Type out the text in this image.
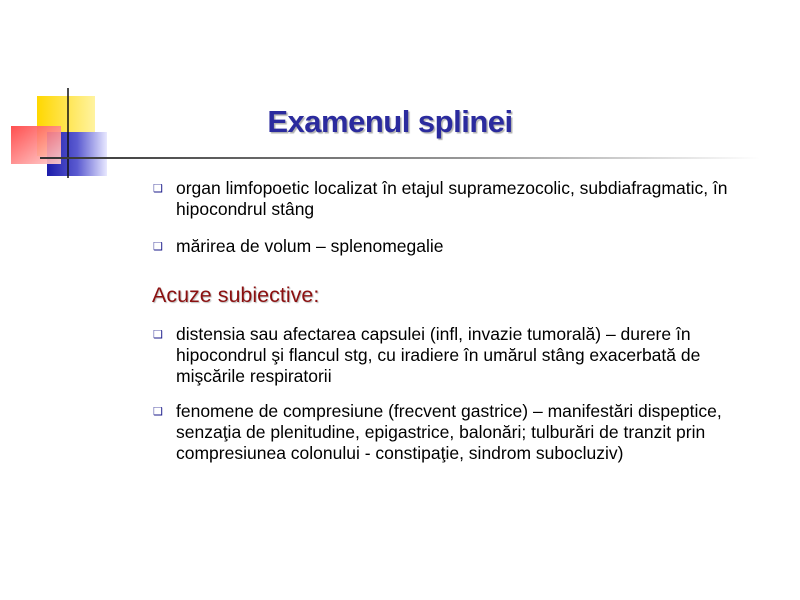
Examenul splinei
❑ organ limfopoetic localizat în etajul supramezocolic, subdiafragmatic, în hipocondrul stâng
❑ mărirea de volum – splenomegalie
Acuze subiective:
❑ distensia sau afectarea capsulei (infl, invazie tumorală) – durere în hipocondrul şi flancul stg, cu iradiere în umărul stâng exacerbată de mişcările respiratorii
❑ fenomene de compresiune (frecvent gastrice) – manifestări dispeptice, senzaţia de plenitudine, epigastrice, balonări; tulburări de tranzit prin compresiunea colonului - constipaţie, sindrom subocluziv)
